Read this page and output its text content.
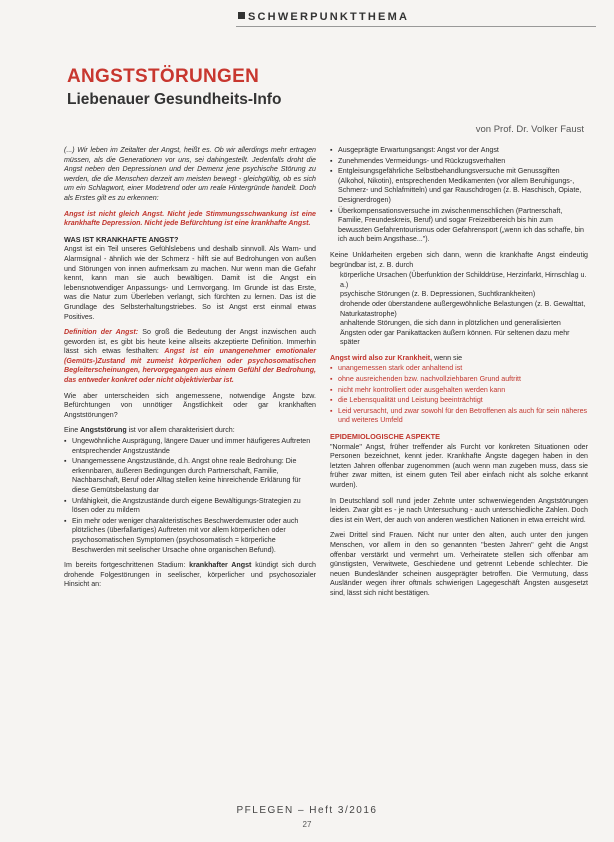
SCHWERPUNKTTHEMA
ANGSTSTÖRUNGEN
Liebenauer Gesundheits-Info
von Prof. Dr. Volker Faust

(...) Wir leben im Zeitalter der Angst, heißt es. Ob wir allerdings mehr ertragen müssen, als die Generationen vor uns, sei dahingestellt. Jedenfalls droht die Angst neben den Depressionen und der Demenz jene psychische Störung zu werden, die die Menschen derzeit am meisten bewegt - gleichgültig, ob es sich um ein Schlagwort, einer Modetrend oder um reale Hintergründe handelt. Doch als Erstes gilt es zu erkennen:

Angst ist nicht gleich Angst. Nicht jede Stimmungsschwankung ist eine krankhafte Depression. Nicht jede Befürchtung ist eine krankhafte Angst.

WAS IST KRANKHAFTE ANGST?

Angst ist ein Teil unseres Gefühlslebens und deshalb sinnvoll. Als Warn- und Alarmsignal - ähnlich wie der Schmerz - hilft sie auf Bedrohungen von außen und Störungen von innen aufmerksam zu machen. Nur wenn man die Gefahr kennt, kann man sie auch bewältigen. Damit ist die Angst ein lebensnotwendiger Anpassungs- und Lernvorgang. Im Grunde ist das Erste, was die Natur zum Überleben verlangt, sich fürchten zu lernen. Das ist die Grundlage des Selbsterhaltungstriebes. So ist Angst erst einmal etwas Positives.

Definition der Angst: So groß die Bedeutung der Angst inzwischen auch geworden ist, es gibt bis heute keine allseits akzeptierte Definition. Immerhin lässt sich etwas festhalten: Angst ist ein unangenehmer emotionaler (Gemüts-)Zustand mit zumeist körperlichen oder psychosomatischen Begleiterscheinungen, hervorgegangen aus einem Gefühl der Bedrohung, das entweder konkret oder nicht objektivierbar ist.

Wie aber unterscheiden sich angemessene, notwendige Ängste bzw. Befürchtungen von unnötiger Ängstlichkeit oder gar krankhaften Angststörungen?

Eine Angststörung ist vor allem charakterisiert durch:

▪ Ungewöhnliche Ausprägung, längere Dauer und immer häufigeres Auftreten entsprechender Angstzustände
▪ Unangemessene Angstzustände, d.h. Angst ohne reale Bedrohung: Die erkennbaren, äußeren Bedingungen durch Partnerschaft, Familie, Nachbarschaft, Beruf oder Alltag stellen keine hinreichende Erklärung für diese Gemütsbelastung dar
▪ Unfähigkeit, die Angstzustände durch eigene Bewältigungs-Strategien zu lösen oder zu mildern
▪ Ein mehr oder weniger charakteristisches Beschwerdemuster oder auch plötzliches (überfallartiges) Auftreten mit vor allem körperlichen oder psychosomatischen Symptomen (psychosomatisch = körperliche Beschwerden mit seelischer Ursache ohne organischen Befund).

Im bereits fortgeschrittenen Stadium: krankhafter Angst kündigt sich durch drohende Folgestörungen in seelischer, körperlicher und psychosozialer Hinsicht an:

▪ Ausgeprägte Erwartungsangst: Angst vor der Angst
▪ Zunehmendes Vermeidungs- und Rückzugsverhalten
▪ Entgleisungsgefährliche Selbstbehandlungsversuche mit Genussgiften (Alkohol, Nikotin), entsprechenden Medikamenten (vor allem Beruhigungs-, Schmerz- und Schlafmitteln) und gar Rauschdrogen (z. B. Haschisch, Opiate, Designerdrogen)
▪ Überkompensationsversuche im zwischenmenschlichen (Partnerschaft, Familie, Freundeskreis, Beruf) und sogar Freizeitbereich bis hin zum bewussten Gefahrentourismus oder Gefahrensport („wenn ich das schaffe, bin ich auch beim Angsthase...").

Keine Unklarheiten ergeben sich dann, wenn die krankhafte Angst eindeutig begründbar ist, z. B. durch

körperliche Ursachen (Überfunktion der Schilddrüse, Herzinfarkt, Hirnschlag u. a.)
psychische Störungen (z. B. Depressionen, Suchtkrankheiten)
drohende oder überstandene außergewöhnliche Belastungen (z. B. Gewalttat, Naturkatastrophe)
anhaltende Störungen, die sich dann in plötzlichen und generalisierten Ängsten oder gar Panikattacken äußern können. Für seltenen dazu mehr später

Angst wird also zur Krankheit, wenn sie

▪ unangemessen stark oder anhaltend ist
▪ ohne ausreichenden bzw. nachvollziehbaren Grund auftritt
▪ nicht mehr kontrolliert oder ausgehalten werden kann
▪ die Lebensqualität und Leistung beeinträchtigt
▪ Leid verursacht, und zwar sowohl für den Betroffenen als auch für sein näheres und weiteres Umfeld
EPIDEMIOLOGISCHE ASPEKTE

"Normale" Angst, früher treffender als Furcht vor konkreten Situationen oder Personen bezeichnet, kennt jeder. Krankhafte Ängste dagegen haben in den letzten Jahren offenbar zugenommen (auch wenn man zugeben muss, dass sie früher zwar mitten, ist einem guten Teil aber einfach nicht als solche erkannt wurden).

In Deutschland soll rund jeder Zehnte unter schwerwiegenden Angststörungen leiden. Zwar gibt es - je nach Untersuchung - auch unterschiedliche Zahlen. Doch dies ist ein Wert, der auch von anderen westlichen Nationen in etwa erreicht wird.

Zwei Drittel sind Frauen. Nicht nur unter den alten, auch unter den jungen Menschen, vor allem in den so genannten "besten Jahren" geht die Angst offenbar verstärkt und vermehrt um. Verheiratete stellen sich offenbar am günstigsten, Verwitwete, Geschiedene und getrennt Lebende schlechter. Die neuen Bundesländer scheinen ausgeprägter betroffen. Die Vermutung, dass Ausländer wegen ihrer oftmals schwierigen Lagegeschäft Ängsten ausgesetzt sind, lässt sich nicht bestätigen.

PFLEGEN – Heft 3/2016
27
